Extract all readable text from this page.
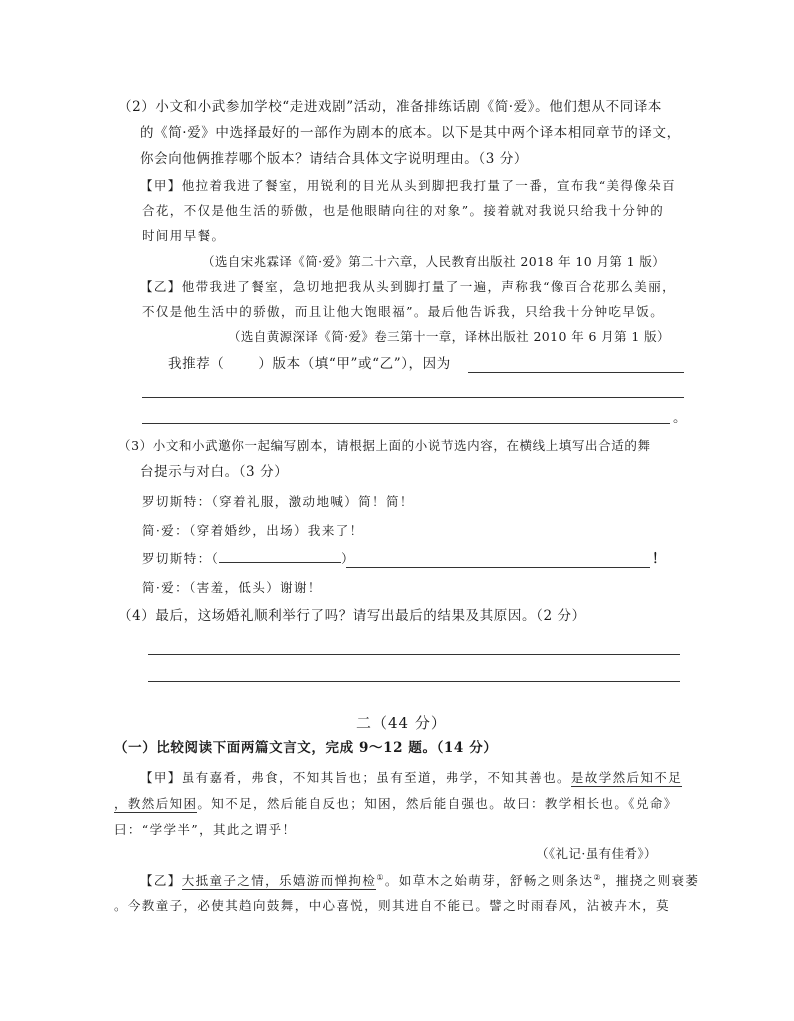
（2）小文和小武参加学校“走进戏剧”活动，准备排练话剧《简·爱》。他们想从不同译本
的《简·爱》中选择最好的一部作为剧本的底本。以下是其中两个译本相同章节的译文，
你会向他俩推荐哪个版本？请结合具体文字说明理由。（3 分）
【甲】他拉着我进了餐室，用锐利的目光从头到脚把我打量了一番，宣布我“美得像朵百
合花，不仅是他生活的骄傲，也是他眼睛向往的对象”。接着就对我说只给我十分钟的
时间用早餐。
（选自宋兆霖译《简·爱》第二十六章，人民教育出版社 2018 年 10 月第 1 版）
【乙】他带我进了餐室，急切地把我从头到脚打量了一遍，声称我“像百合花那么美丽，
不仅是他生活中的骄傲，而且让他大饱眼福”。最后他告诉我，只给我十分钟吃早饭。
（选自黄源深译《简·爱》卷三第十一章，译林出版社 2010 年 6 月第 1 版）
我推荐（	）版本（填“甲”或“乙”），因为
。
（3）小文和小武邀你一起编写剧本，请根据上面的小说节选内容，在横线上填写出合适的舞
台提示与对白。（3 分）
罗切斯特：（穿着礼服，激动地喊）简！简！
简·爱：（穿着婚纱，出场）我来了！
罗切斯特：（	）	！
简·爱：（害羞，低头）谢谢！
（4）最后，这场婚礼顺利举行了吗？请写出最后的结果及其原因。（2 分）
二（44 分）
（一）比较阅读下面两篇文言文，完成 9～12 题。（14 分）
【甲】虽有嘉肴，弗食，不知其旨也；虽有至道，弗学，不知其善也。是故学然后知不足
，教然后知困。知不足，然后能自反也；知困，然后能自强也。故曰：教学相长也。《兑命》
曰：“学学半”，其此之谓乎！
（《礼记·虽有佳肴》）
【乙】大抵童子之情，乐嬉游而惮拘检①。如草木之始萌芽，舒畅之则条达②，摧挠之则衰萎
。今教童子，必使其趋向鼓舞，中心喜悦，则其进自不能已。譬之时雨春风，沾被卉木，莫
